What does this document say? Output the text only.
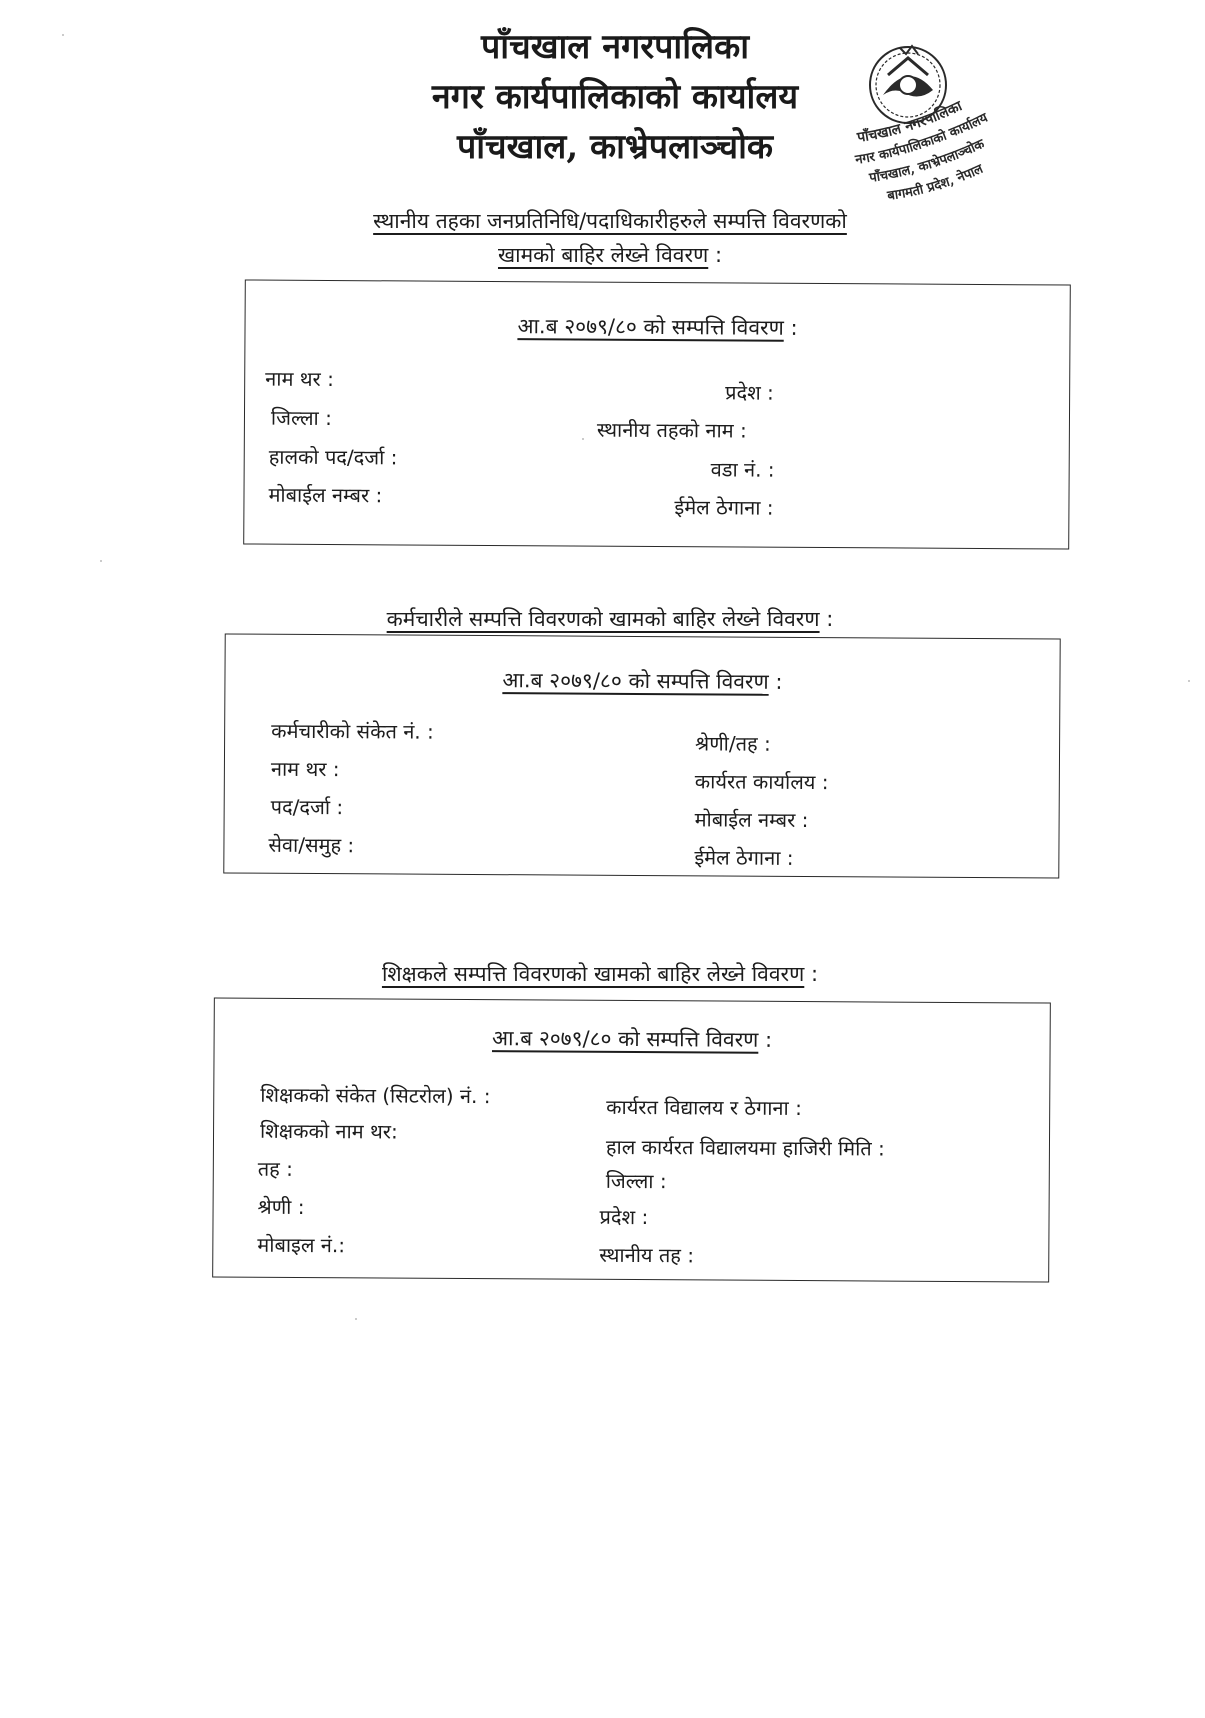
पाँचखाल नगरपालिका
नगर कार्यपालिकाको कार्यालय
पाँचखाल, काभ्रेपलाञ्चोक	पाँचखाल नगरपालिका
नगर कार्यपालिकाको कार्यालय
पाँचखाल, काभ्रेपलाञ्चोक
बागमती प्रदेश, नेपाल
स्थानीय तहका जनप्रतिनिधि/पदाधिकारीहरुले सम्पत्ति विवरणको
खामको बाहिर लेख्ने विवरण :
आ.ब २०७९/८० को सम्पत्ति विवरण :
नाम थर :
जिल्ला :
हालको पद/दर्जा :
मोबाईल नम्बर :
प्रदेश :
स्थानीय तहको नाम :
वडा नं. :
ईमेल ठेगाना :
कर्मचारीले सम्पत्ति विवरणको खामको बाहिर लेख्ने विवरण :
आ.ब २०७९/८० को सम्पत्ति विवरण :
कर्मचारीको संकेत नं. :
नाम थर :
पद/दर्जा :
सेवा/समुह :
श्रेणी/तह :
कार्यरत कार्यालय :
मोबाईल नम्बर :
ईमेल ठेगाना :
शिक्षकले सम्पत्ति विवरणको खामको बाहिर लेख्ने विवरण :
आ.ब २०७९/८० को सम्पत्ति विवरण :
शिक्षकको संकेत (सिटरोल) नं. :
शिक्षकको नाम थर:
तह :
श्रेणी :
मोबाइल नं.:
कार्यरत विद्यालय र ठेगाना :
हाल कार्यरत विद्यालयमा हाजिरी मिति :
जिल्ला :
प्रदेश :
स्थानीय तह :
